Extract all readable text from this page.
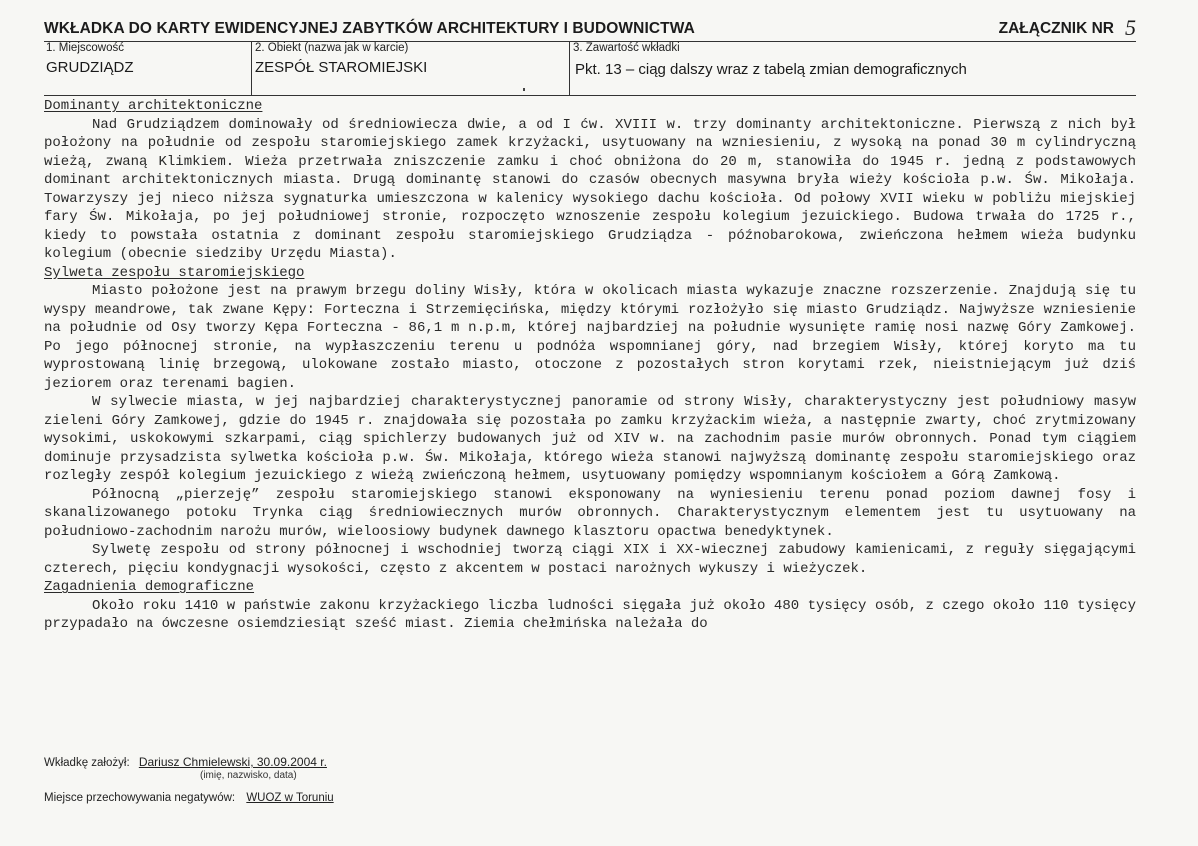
WKŁADKA DO KARTY EWIDENCYJNEJ ZABYTKÓW ARCHITEKTURY I BUDOWNICTWA	ZAŁĄCZNIK NR 5
1. Miejscowość
GRUDZIĄDZ
2. Obiekt (nazwa jak w karcie)
ZESPÓŁ STAROMIEJSKI
3. Zawartość wkładki
Pkt. 13 – ciąg dalszy wraz z tabelą zmian demograficznych
Dominanty architektoniczne

Nad Grudziądzem dominowały od średniowiecza dwie, a od I ćw. XVIII w. trzy dominanty architektoniczne. Pierwszą z nich był położony na południe od zespołu staromiejskiego zamek krzyżacki, usytuowany na wzniesieniu, z wysoką na ponad 30 m cylindryczną wieżą, zwaną Klimkiem. Wieża przetrwała zniszczenie zamku i choć obniżona do 20 m, stanowiła do 1945 r. jedną z podstawowych dominant architektonicznych miasta. Drugą dominantę stanowi do czasów obecnych masywna bryła wieży kościoła p.w. Św. Mikołaja. Towarzyszy jej nieco niższa sygnaturka umieszczona w kalenicy wysokiego dachu kościoła. Od połowy XVII wieku w pobliżu miejskiej fary Św. Mikołaja, po jej południowej stronie, rozpoczęto wznoszenie zespołu kolegium jezuickiego. Budowa trwała do 1725 r., kiedy to powstała ostatnia z dominant zespołu staromiejskiego Grudziądza - późnobarokowa, zwieńczona hełmem wieża budynku kolegium (obecnie siedziby Urzędu Miasta).

Sylweta zespołu staromiejskiego

Miasto położone jest na prawym brzegu doliny Wisły, która w okolicach miasta wykazuje znaczne rozszerzenie. Znajdują się tu wyspy meandrowe, tak zwane Kępy: Forteczna i Strzemięcińska, między którymi rozłożyło się miasto Grudziądz. Najwyższe wzniesienie na południe od Osy tworzy Kępa Forteczna - 86,1 m n.p.m, której najbardziej na południe wysunięte ramię nosi nazwę Góry Zamkowej. Po jego północnej stronie, na wypłaszczeniu terenu u podnóża wspomnianej góry, nad brzegiem Wisły, której koryto ma tu wyprostowaną linię brzegową, ulokowane zostało miasto, otoczone z pozostałych stron korytami rzek, nieistniejącym już dziś jeziorem oraz terenami bagien.

W sylwecie miasta, w jej najbardziej charakterystycznej panoramie od strony Wisły, charakterystyczny jest południowy masyw zieleni Góry Zamkowej, gdzie do 1945 r. znajdowała się pozostała po zamku krzyżackim wieża, a następnie zwarty, choć zrytmizowany wysokimi, uskokowymi szkarpami, ciąg spichlerzy budowanych już od XIV w. na zachodnim pasie murów obronnych. Ponad tym ciągiem dominuje przysadzista sylwetka kościoła p.w. Św. Mikołaja, którego wieża stanowi najwyższą dominantę zespołu staromiejskiego oraz rozległy zespół kolegium jezuickiego z wieżą zwieńczoną hełmem, usytuowany pomiędzy wspomnianym kościołem a Górą Zamkową.

Północną „pierzeję” zespołu staromiejskiego stanowi eksponowany na wyniesieniu terenu ponad poziom dawnej fosy i skanalizowanego potoku Trynka ciąg średniowiecznych murów obronnych. Charakterystycznym elementem jest tu usytuowany na południowo-zachodnim narożu murów, wieloosiowy budynek dawnego klasztoru opactwa benedyktynek.

Sylwetę zespołu od strony północnej i wschodniej tworzą ciągi XIX i XX-wiecznej zabudowy kamienicami, z reguły sięgającymi czterech, pięciu kondygnacji wysokości, często z akcentem w postaci narożnych wykuszy i wieżyczek.

Zagadnienia demograficzne

Około roku 1410 w państwie zakonu krzyżackiego liczba ludności sięgała już około 480 tysięcy osób, z czego około 110 tysięcy przypadało na ówczesne osiemdziesiąt sześć miast. Ziemia chełmińska należała do

Wkładkę założył: Dariusz Chmielewski, 30.09.2004 r.
(imię, nazwisko, data)
Miejsce przechowywania negatywów: WUOZ w Toruniu
